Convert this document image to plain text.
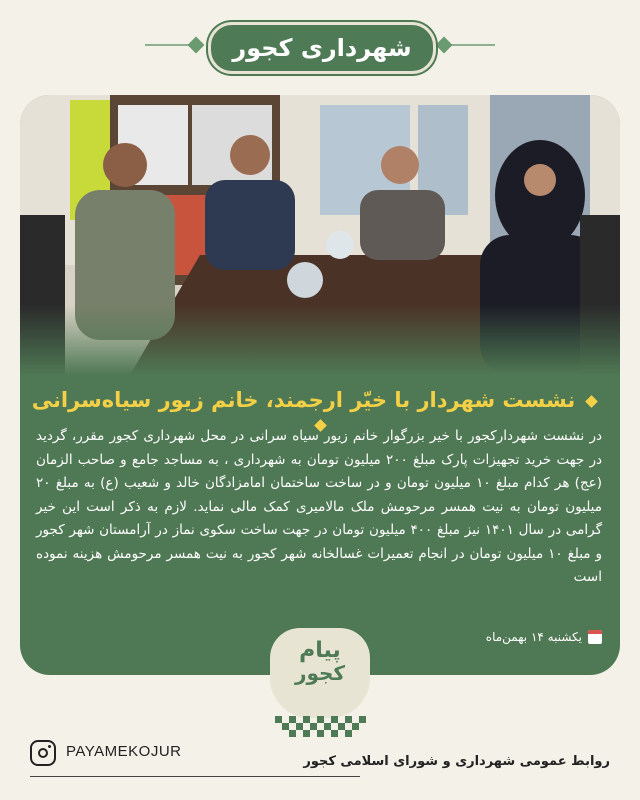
شهرداری کجور
نشست شهردار با خیّر ارجمند، خانم زیور سیاه‌سرانی
در نشست شهردارکجور با خیر بزرگوار خانم زیور سیاه سرانی در محل شهرداری کجور مقرر، گردید در جهت خرید تجهیزات پارک مبلغ ۲۰۰ میلیون تومان به شهرداری ، به مساجد جامع و صاحب الزمان (عج) هر کدام مبلغ ۱۰ میلیون تومان و در ساخت ساختمان امامزادگان خالد و شعیب (ع) به مبلغ ۲۰ میلیون تومان به نیت همسر مرحومش ملک مالامیری کمک مالی نماید. لازم به ذکر است این خیر گرامی در سال ۱۴۰۱ نیز مبلغ ۴۰۰ میلیون تومان در جهت ساخت سکوی نماز در آرامستان شهر کجور و مبلغ ۱۰ میلیون تومان در انجام تعمیرات غسالخانه شهر کجور به نیت همسر مرحومش هزینه نموده است
یکشنبه ۱۴ بهمن‌ماه
پیام
کجور
PAYAMEKOJUR
روابط عمومی شهرداری و شورای اسلامی کجور
